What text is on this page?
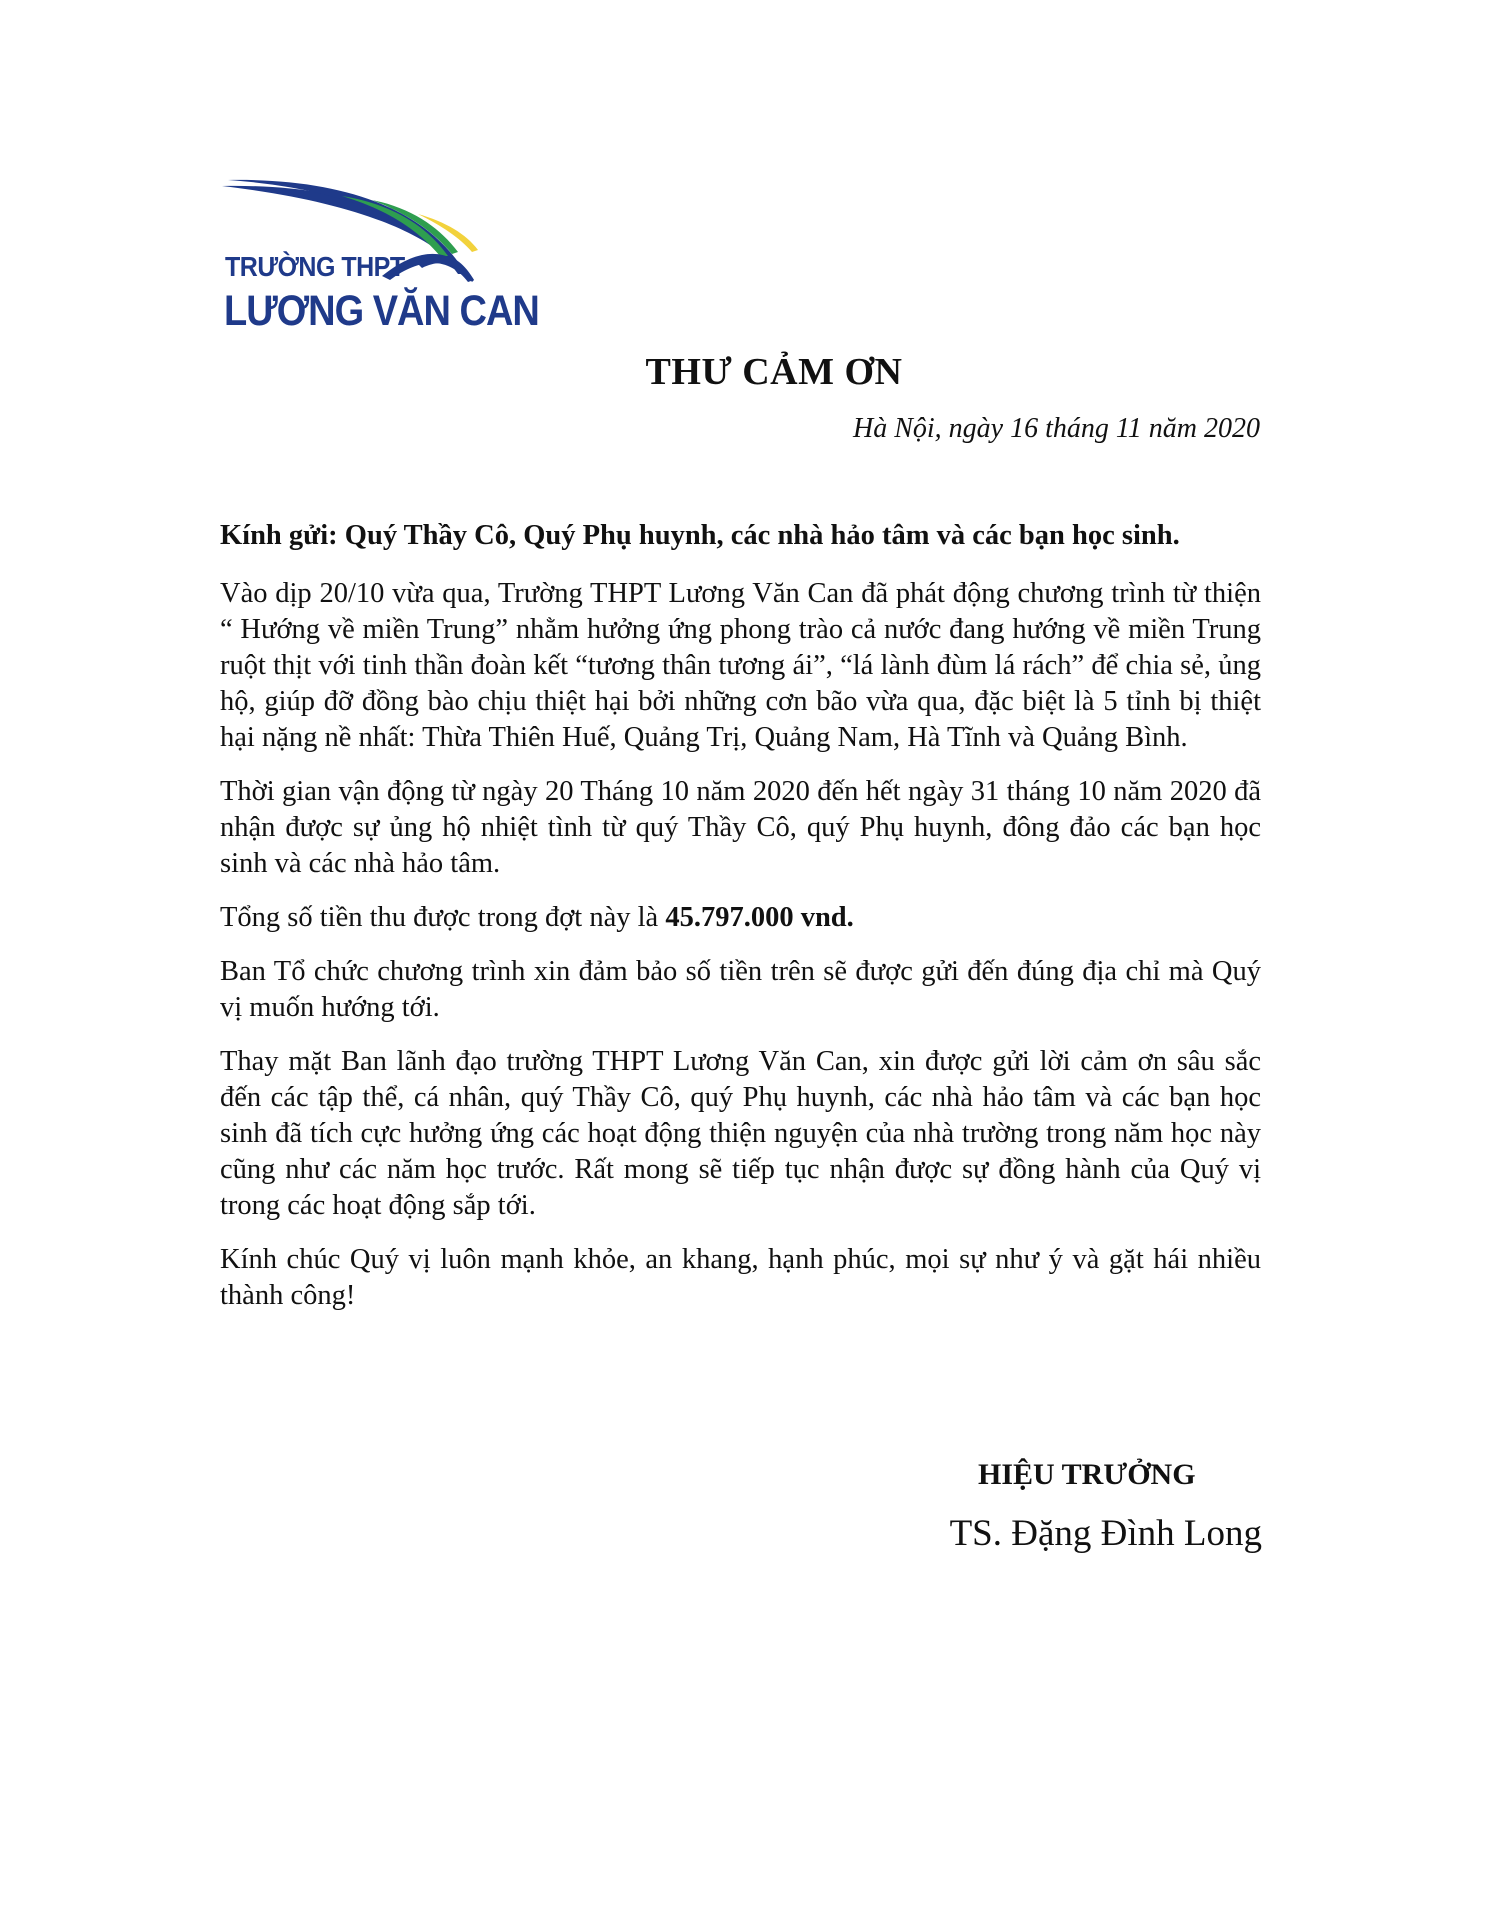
TRƯỜNG THPT
LƯƠNG VĂN CAN
THƯ CẢM ƠN
Hà Nội, ngày 16 tháng 11 năm 2020

Kính gửi: Quý Thầy Cô, Quý Phụ huynh, các nhà hảo tâm và các bạn học sinh.

Vào dịp 20/10 vừa qua, Trường THPT Lương Văn Can đã phát động chương trình từ thiện “ Hướng về miền Trung” nhằm hưởng ứng phong trào cả nước đang hướng về miền Trung ruột thịt với tinh thần đoàn kết “tương thân tương ái”, “lá lành đùm lá rách” để chia sẻ, ủng hộ, giúp đỡ đồng bào chịu thiệt hại bởi những cơn bão vừa qua, đặc biệt là 5 tỉnh bị thiệt hại nặng nề nhất: Thừa Thiên Huế, Quảng Trị, Quảng Nam, Hà Tĩnh và Quảng Bình.

Thời gian vận động từ ngày 20 Tháng 10 năm 2020 đến hết ngày 31 tháng 10 năm 2020 đã nhận được sự ủng hộ nhiệt tình từ quý Thầy Cô, quý Phụ huynh, đông đảo các bạn học sinh và các nhà hảo tâm.

Tổng số tiền thu được trong đợt này là 45.797.000 vnd.

Ban Tổ chức chương trình xin đảm bảo số tiền trên sẽ được gửi đến đúng địa chỉ mà Quý vị muốn hướng tới.

Thay mặt Ban lãnh đạo trường THPT Lương Văn Can, xin được gửi lời cảm ơn sâu sắc đến các tập thể, cá nhân, quý Thầy Cô, quý Phụ huynh, các nhà hảo tâm và các bạn học sinh đã tích cực hưởng ứng các hoạt động thiện nguyện của nhà trường trong năm học này cũng như các năm học trước. Rất mong sẽ tiếp tục nhận được sự đồng hành của Quý vị trong các hoạt động sắp tới.

Kính chúc Quý vị luôn mạnh khỏe, an khang, hạnh phúc, mọi sự như ý và gặt hái nhiều thành công!

HIỆU TRƯỞNG
TS. Đặng Đình Long
